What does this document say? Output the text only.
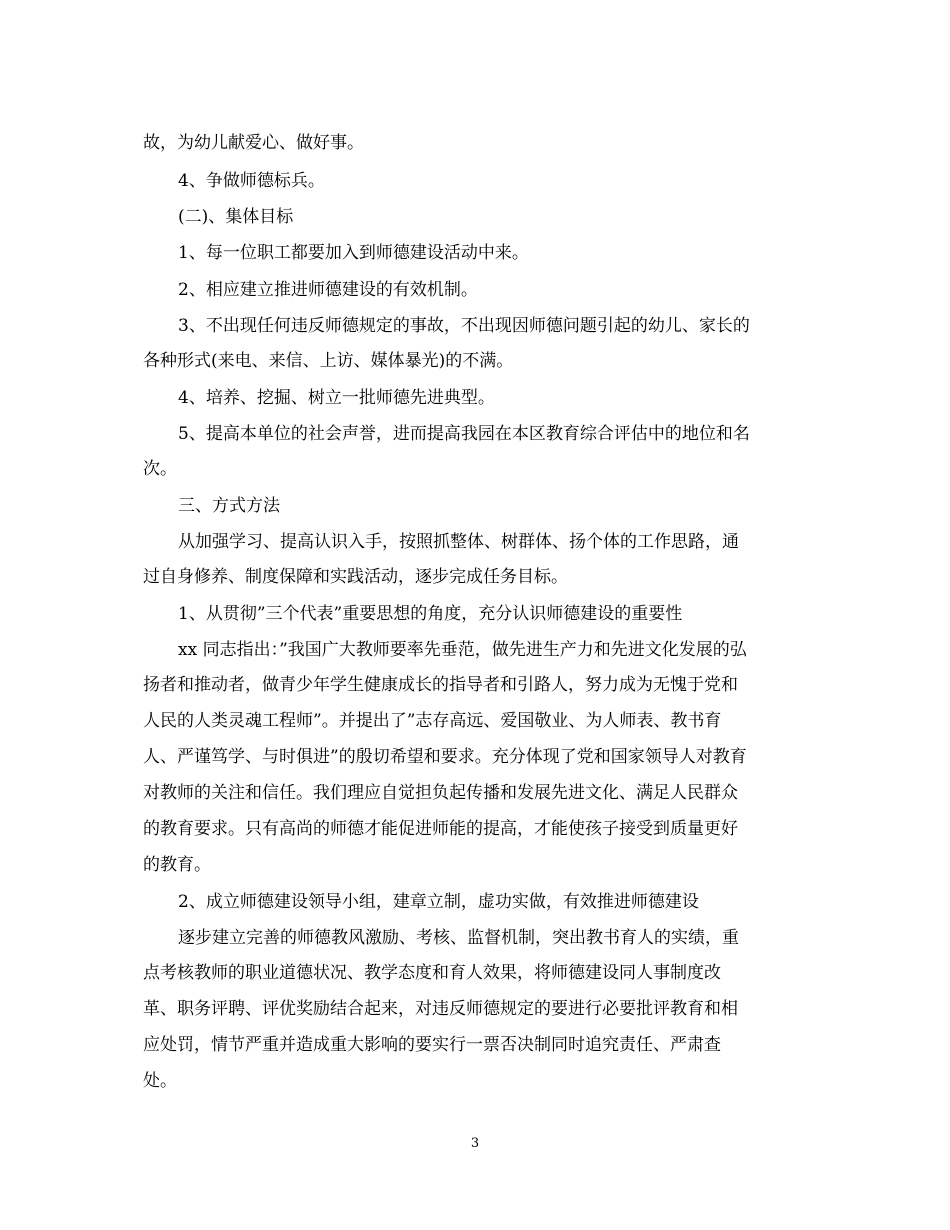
故，为幼儿献爱心、做好事。
4、争做师德标兵。
(二)、集体目标
1、每一位职工都要加入到师德建设活动中来。
2、相应建立推进师德建设的有效机制。
3、不出现任何违反师德规定的事故，不出现因师德问题引起的幼儿、家长的
各种形式(来电、来信、上访、媒体暴光)的不满。
4、培养、挖掘、树立一批师德先进典型。
5、提高本单位的社会声誉，进而提高我园在本区教育综合评估中的地位和名
次。
三、方式方法
从加强学习、提高认识入手，按照抓整体、树群体、扬个体的工作思路，通
过自身修养、制度保障和实践活动，逐步完成任务目标。
1、从贯彻”三个代表”重要思想的角度，充分认识师德建设的重要性
xx 同志指出：”我国广大教师要率先垂范，做先进生产力和先进文化发展的弘
扬者和推动者，做青少年学生健康成长的指导者和引路人，努力成为无愧于党和
人民的人类灵魂工程师”。并提出了”志存高远、爱国敬业、为人师表、教书育
人、严谨笃学、与时俱进”的殷切希望和要求。充分体现了党和国家领导人对教育
对教师的关注和信任。我们理应自觉担负起传播和发展先进文化、满足人民群众
的教育要求。只有高尚的师德才能促进师能的提高，才能使孩子接受到质量更好
的教育。
2、成立师德建设领导小组，建章立制，虚功实做，有效推进师德建设
逐步建立完善的师德教风激励、考核、监督机制，突出教书育人的实绩，重
点考核教师的职业道德状况、教学态度和育人效果，将师德建设同人事制度改
革、职务评聘、评优奖励结合起来，对违反师德规定的要进行必要批评教育和相
应处罚，情节严重并造成重大影响的要实行一票否决制同时追究责任、严肃查
处。
3
